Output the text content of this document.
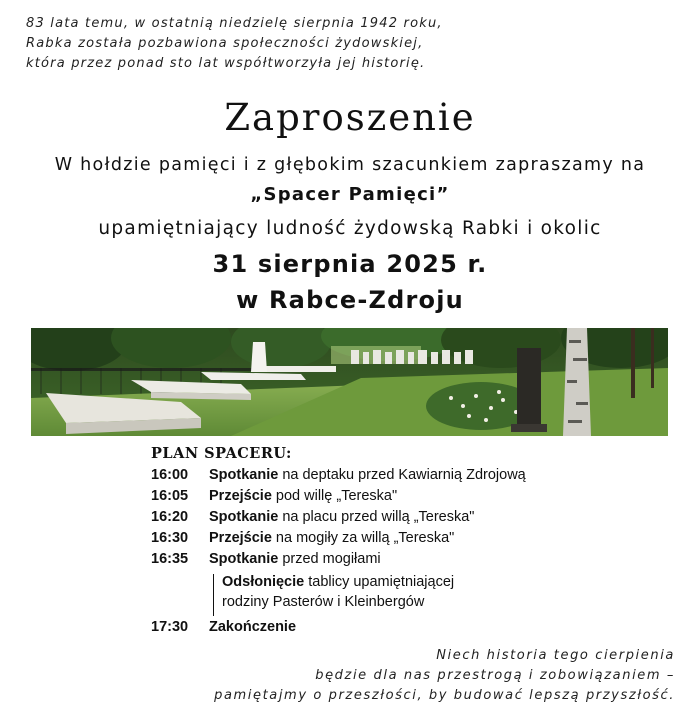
83 lata temu, w ostatnią niedzielę sierpnia 1942 roku,
Rabka została pozbawiona społeczności żydowskiej,
która przez ponad sto lat współtworzyła jej historię.
Zaproszenie
W hołdzie pamięci i z głębokim szacunkiem zapraszamy na
„Spacer Pamięci”
upamiętniający ludność żydowską Rabki i okolic
31 sierpnia 2025 r.
w Rabce-Zdroju
PLAN SPACERU:
16:00 Spotkanie na deptaku przed Kawiarnią Zdrojową
16:05 Przejście pod willę „Tereska"
16:20 Spotkanie na placu przed willą „Tereska"
16:30 Przejście na mogiły za willą „Tereska"
16:35 Spotkanie przed mogiłami
Odsłonięcie tablicy upamiętniającej
rodziny Pasterów i Kleinbergów
17:30 Zakończenie
Niech historia tego cierpienia
będzie dla nas przestrogą i zobowiązaniem –
pamiętajmy o przeszłości, by budować lepszą przyszłość.
